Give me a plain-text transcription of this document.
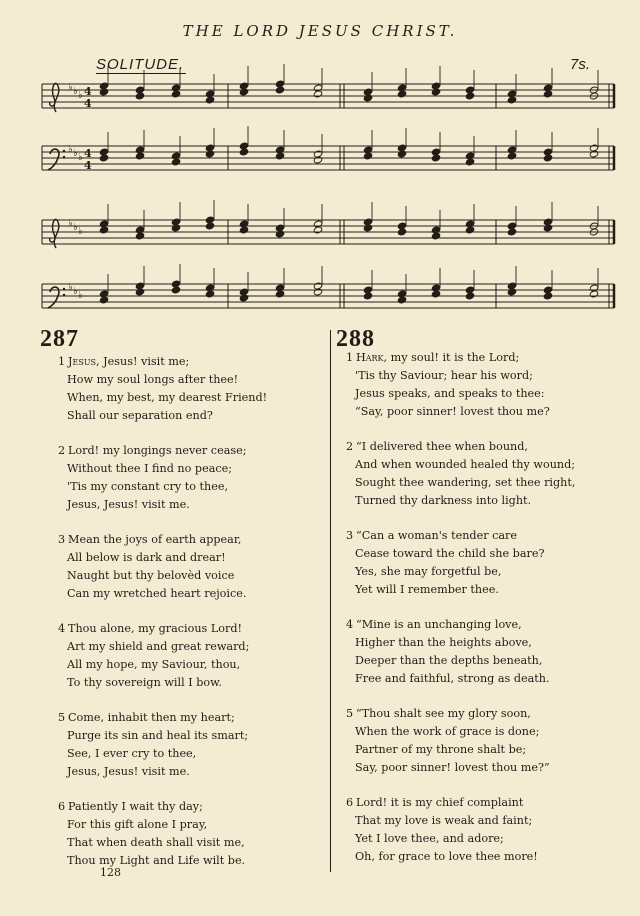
THE LORD JESUS CHRIST.
SOLITUDE.	7s.
♭ ♭ ♭ 4
4
♭ ♭ ♭ 4
4
♭ ♭ ♭
♭ ♭ ♭
287	288
1 Jesus, Jesus! visit me;
How my soul longs after thee!
When, my best, my dearest Friend!
Shall our separation end?
2 Lord! my longings never cease;
Without thee I find no peace;
'Tis my constant cry to thee,
Jesus, Jesus! visit me.
3 Mean the joys of earth appear,
All below is dark and drear!
Naught but thy belovèd voice
Can my wretched heart rejoice.
4 Thou alone, my gracious Lord!
Art my shield and great reward;
All my hope, my Saviour, thou,
To thy sovereign will I bow.
5 Come, inhabit then my heart;
Purge its sin and heal its smart;
See, I ever cry to thee,
Jesus, Jesus! visit me.
6 Patiently I wait thy day;
For this gift alone I pray,
That when death shall visit me,
Thou my Light and Life wilt be.
1 Hark, my soul! it is the Lord;
'Tis thy Saviour; hear his word;
Jesus speaks, and speaks to thee:
“Say, poor sinner! lovest thou me?
2 “I delivered thee when bound,
And when wounded healed thy wound;
Sought thee wandering, set thee right,
Turned thy darkness into light.
3 “Can a woman's tender care
Cease toward the child she bare?
Yes, she may forgetful be,
Yet will I remember thee.
4 “Mine is an unchanging love,
Higher than the heights above,
Deeper than the depths beneath,
Free and faithful, strong as death.
5 “Thou shalt see my glory soon,
When the work of grace is done;
Partner of my throne shalt be;
Say, poor sinner! lovest thou me?”
6 Lord! it is my chief complaint
That my love is weak and faint;
Yet I love thee, and adore;
Oh, for grace to love thee more!
128
